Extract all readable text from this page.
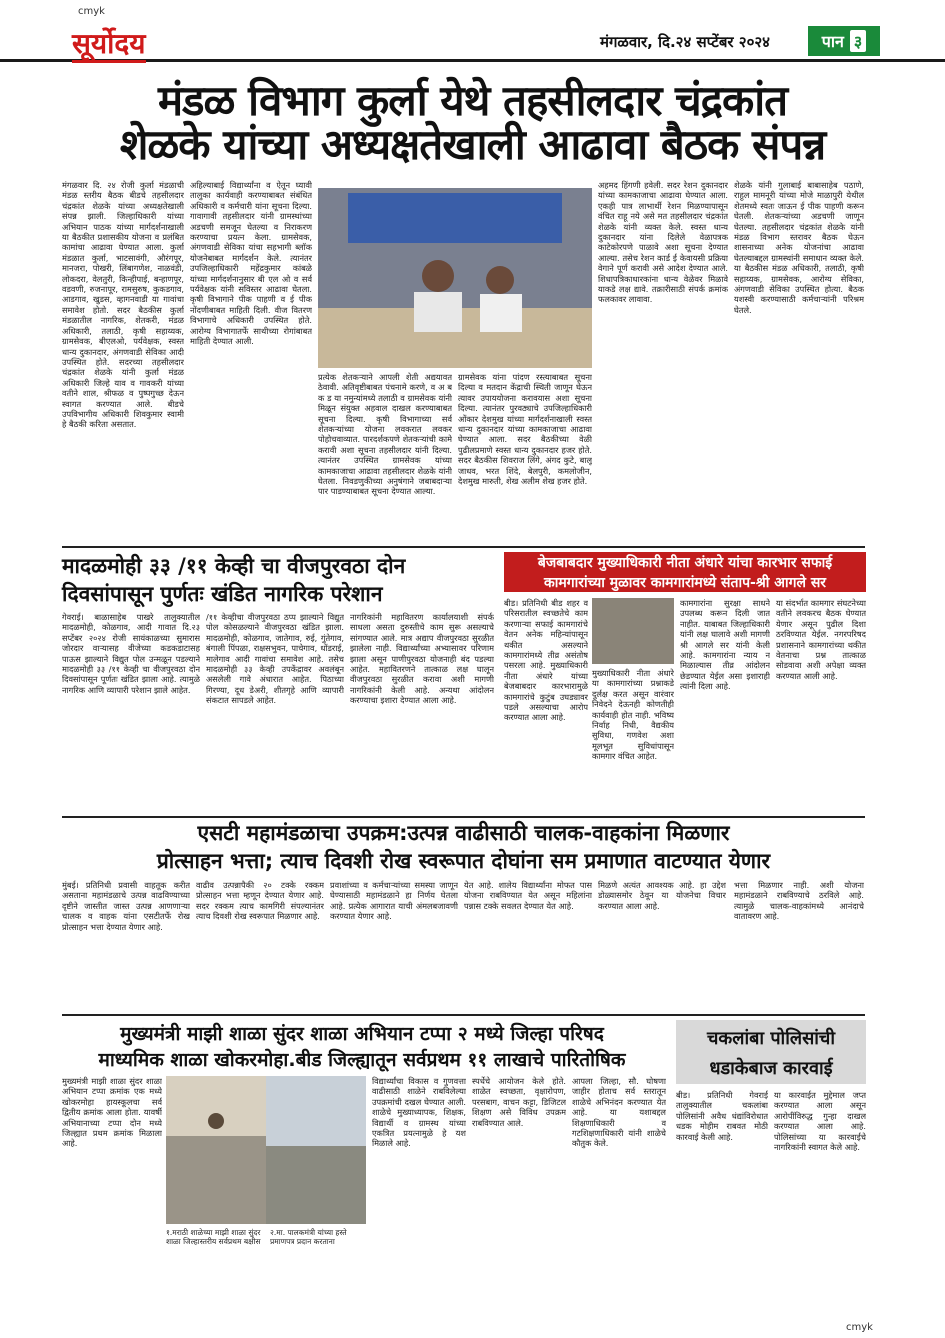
cmyk
सूर्योदय	मंगळवार, दि.२४ सप्टेंबर २०२४	पान ३
मंडळ विभाग कुर्ला येथे तहसीलदार चंद्रकांत
शेळके यांच्या अध्यक्षतेखाली आढावा बैठक संपन्न
मंगळवार दि. २४ रोजी कुर्ला मंडळाची मंडळ स्तरीय बैठक बीडचे तहसीलदार चंद्रकांत शेळके यांच्या अध्यक्षतेखाली संपन्न झाली. जिल्हाधिकारी यांच्या अभियान पाठक यांच्या मार्गदर्शनाखाली या बैठकीत प्रशासकीय योजना व प्रलंबित कामांचा आढावा घेण्यात आला. कुर्ला मंडळात कुर्ला, भाटसावंगी, औरंगपूर, मानजरा, पोखरी, लिंबागणेश, नाळवंडी, लोकदरा, वेलतुरी, किन्हीपाई, बन्हाणपूर, वडवणी, रुजनापूर, रामसुरुष, कुकडगाव, आडगाव, खुडस, व्हागनवाडी या गावांचा समावेश होतो. सदर बैठकीस कुर्ला मंडळातील नागरिक, शेतकरी, मंडळ अधिकारी, तलाठी, कृषी सहाय्यक, ग्रामसेवक, बीएलओ, पर्यवेक्षक, स्वस्त धान्य दुकानदार, अंगणवाडी सेविका आदी उपस्थित होते. सदरच्या तहसीलदार चंद्रकांत शेळके यांनी कुर्ला मंडळ अधिकारी जिल्हे याव व गावकरी यांच्या वतीने शाल, श्रीफळ व पुष्पगुच्छ देऊन स्वागत करण्यात आले. बीडचे उपविभागीय अधिकारी शिवकुमार स्वामी हे बैठकी करिता असतात.
अहिल्याबाई विद्यार्थ्यांना व ऐतून घ्यावी तालुका कार्यवाही करण्याबाबत संबंधित अधिकारी व कर्मचारी यांना सूचना दिल्या. गावागावी तहसीलदार यांनी ग्रामस्थांच्या अडचणी समजून घेतल्या व निराकरण करण्याचा प्रयत्न केला. ग्रामसेवक, अंगणवाडी सेविका यांचा सहभागी ब्लॉक योजनेबाबत मार्गदर्शन केले. त्यानंतर उपजिल्हाधिकारी महेंद्रकुमार कांबळे यांच्या मार्गदर्शनानुसार बी एल ओ व सर्व पर्यवेक्षक यांनी सविस्तर आढावा घेतला. कृषी विभागाने पीक पाहणी व ई पीक नोंदणीबाबत माहिती दिली. वीज वितरण विभागाचे अधिकारी उपस्थित होते. आरोग्य विभागातर्फे साथीच्या रोगांबाबत माहिती देण्यात आली.
प्रत्येक शेतकऱ्याने आपली शेती अद्ययावत ठेवावी. अतिवृष्टीबाबत पंचनामे करणे, व अ ब क ड या नमुन्यांमध्ये तलाठी व ग्रामसेवक यांनी मिळून संयुक्त अहवाल दाखल करण्याबाबत सूचना दिल्या. कृषी विभागाच्या सर्व शेतकऱ्यांच्या योजना लवकरात लवकर पोहोचवाव्यात. पारदर्शकपणे शेतकऱ्यांची कामे करावी अशा सूचना तहसीलदार यांनी दिल्या. त्यानंतर उपस्थित ग्रामसेवक यांच्या कामकाजाचा आढावा तहसीलदार शेळके यांनी घेतला. निवडणुकीच्या अनुषंगाने जबाबदाऱ्या पार पाडण्याबाबत सूचना देण्यात आल्या.
ग्रामसेवक यांना पांदण रस्त्याबाबत सूचना दिल्या व मतदान केंद्राची स्थिती जाणून घेऊन त्यावर उपाययोजना करावयास अशा सूचना दिल्या. त्यानंतर पुरवठ्याचे उपजिल्हाधिकारी ओंकार देशमुख यांच्या मार्गदर्शनाखाली स्वस्त धान्य दुकानदार यांच्या कामकाजाचा आढावा घेण्यात आला. सदर बैठकीच्या वेळी पुढीलप्रमाणे स्वस्त धान्य दुकानदार हजर होते. सदर बैठकीस शिवराज लिंगे, अंगद कुटे, बालू जाधव, भरत शिंदे, बेलपुरी, कमलोजीन, देशमुख मारुती, शेख अलीम शेख हजर होते.
अहमद हिंगणी हवेली. सदर रेशन दुकानदार यांच्या कामकाजाचा आढावा घेण्यात आला. एकही पात्र लाभार्थी रेशन मिळण्यापासून वंचित राहू नये असे मत तहसीलदार चंद्रकांत शेळके यांनी व्यक्त केले. स्वस्त धान्य दुकानदार यांना दिलेले वेळापत्रक काटेकोरपणे पाळावे अशा सूचना देण्यात आल्या. तसेच रेशन कार्ड ई केवायसी प्रक्रिया वेगाने पूर्ण करावी असे आदेश देण्यात आले. शिधापत्रिकाधारकांना धान्य वेळेवर मिळावे याकडे लक्ष द्यावे. तक्रारीसाठी संपर्क क्रमांक फलकावर लावावा.
शेळके यांनी गुलाबाई बाबासाहेब पठाणे, राहुल मामनूरी यांच्या मोजे माळापुरी येथील शेतमध्ये स्वतः जाऊन ई पीक पाहणी करून घेतली. शेतकऱ्यांच्या अडचणी जाणून घेतल्या. तहसीलदार चंद्रकांत शेळके यांनी मंडळ विभाग स्तरावर बैठक घेऊन शासनाच्या अनेक योजनांचा आढावा घेतल्याबद्दल ग्रामस्थांनी समाधान व्यक्त केले. या बैठकीस मंडळ अधिकारी, तलाठी, कृषी सहाय्यक, ग्रामसेवक, आरोग्य सेविका, अंगणवाडी सेविका उपस्थित होत्या. बैठक यशस्वी करण्यासाठी कर्मचाऱ्यांनी परिश्रम घेतले.
मादळमोही ३३ /११ केव्ही चा वीजपुरवठा दोन
दिवसांपासून पुर्णतः खंडित नागरिक परेशान
गेवराई। बाळासाहेब पाखरे तालुक्यातील मादळमोही, कोळगाव, आदी गावात दि.२३ सप्टेंबर २०२४ रोजी सायंकाळच्या सुमारास जोरदार वाऱ्यासह वीजेच्या कडकडाटासह पाऊस झाल्याने विद्युत पोल उन्मळून पडल्याने मादळमोही ३३ /११ केव्ही चा वीजपुरवठा दोन दिवसांपासून पूर्णतः खंडित झाला आहे. त्यामुळे नागरिक आणि व्यापारी परेशान झाले आहेत.
/११ केव्हीचा वीजपुरवठा ठप्प झाल्याने विद्युत पोल कोसळल्याने वीजपुरवठा खंडित झाला. मादळमोही, कोळगाव, जातेगाव, रुई, गुंतेगाव, बंगाली पिंपळा, राक्षसभुवन, पाचेगाव, धोंडराई, मालेगाव आदी गावांचा समावेश आहे. तसेच मादळमोही ३३ केव्ही उपकेंद्रावर अवलंबून असलेली गावे अंधारात आहेत. पिठाच्या गिरण्या, दूध डेअरी, शीतगृहे आणि व्यापारी संकटात सापडले आहेत.
नागरिकांनी महावितरण कार्यालयाशी संपर्क साधला असता दुरुस्तीचे काम सुरू असल्याचे सांगण्यात आले. मात्र अद्याप वीजपुरवठा सुरळीत झालेला नाही. विद्यार्थ्यांच्या अभ्यासावर परिणाम झाला असून पाणीपुरवठा योजनाही बंद पडल्या आहेत. महावितरणने तात्काळ लक्ष घालून वीजपुरवठा सुरळीत करावा अशी मागणी नागरिकांनी केली आहे. अन्यथा आंदोलन करण्याचा इशारा देण्यात आला आहे.
बेजबाबदार मुख्याधिकारी नीता अंधारे यांचा कारभार सफाई
कामगारांच्या मुळावर कामगारांमध्ये संताप-श्री आगले सर
बीड। प्रतिनिधी बीड शहर व परिसरातील स्वच्छतेचे काम करणाऱ्या सफाई कामगारांचे वेतन अनेक महिन्यांपासून थकीत असल्याने कामगारांमध्ये तीव्र असंतोष पसरला आहे. मुख्याधिकारी नीता अंधारे यांच्या बेजबाबदार कारभारामुळे कामगारांचे कुटुंब उघड्यावर पडले असल्याचा आरोप करण्यात आला आहे.
मुख्याधिकारी नीता अंधारे या कामगारांच्या प्रश्नाकडे दुर्लक्ष करत असून वारंवार निवेदने देऊनही कोणतीही कार्यवाही होत नाही. भविष्य निर्वाह निधी, वैद्यकीय सुविधा, गणवेश अशा मूलभूत सुविधांपासून कामगार वंचित आहेत.
कामगारांना सुरक्षा साधने उपलब्ध करून दिली जात नाहीत. याबाबत जिल्हाधिकारी यांनी लक्ष घालावे अशी मागणी श्री आगले सर यांनी केली आहे. कामगारांना न्याय न मिळाल्यास तीव्र आंदोलन छेडण्यात येईल असा इशाराही त्यांनी दिला आहे.
या संदर्भात कामगार संघटनेच्या वतीने लवकरच बैठक घेण्यात येणार असून पुढील दिशा ठरविण्यात येईल. नगरपरिषद प्रशासनाने कामगारांच्या थकीत वेतनाचा प्रश्न तात्काळ सोडवावा अशी अपेक्षा व्यक्त करण्यात आली आहे.
एसटी महामंडळाचा उपक्रम:उत्पन्न वाढीसाठी चालक-वाहकांना मिळणार
प्रोत्साहन भत्ता; त्याच दिवशी रोख स्वरूपात दोघांना सम प्रमाणात वाटण्यात येणार
मुंबई। प्रतिनिधी प्रवासी वाहतूक करीत असताना महामंडळाचे उत्पन्न वाढविण्याच्या दृष्टीने जास्तीत जास्त उत्पन्न आणणाऱ्या चालक व वाहक यांना एसटीतर्फे रोख प्रोत्साहन भत्ता देण्यात येणार आहे.
वाढीव उत्पन्नापैकी २० टक्के रक्कम प्रोत्साहन भत्ता म्हणून देण्यात येणार आहे. सदर रक्कम त्याच कामगिरी संपल्यानंतर त्याच दिवशी रोख स्वरूपात मिळणार आहे.
प्रवाशांच्या व कर्मचाऱ्यांच्या समस्या जाणून घेण्यासाठी महामंडळाने हा निर्णय घेतला आहे. प्रत्येक आगारात याची अंमलबजावणी करण्यात येणार आहे.
येत आहे. शालेय विद्यार्थ्यांना मोफत पास योजना राबविण्यात येत असून महिलांना पन्नास टक्के सवलत देण्यात येत आहे.
मिळणे अत्यंत आवश्यक आहे. हा उद्देश डोळ्यासमोर ठेवून या योजनेचा विचार करण्यात आला आहे.
भत्ता मिळणार नाही. अशी योजना महामंडळाने राबविण्याचे ठरविले आहे. त्यामुळे चालक-वाहकांमध्ये आनंदाचे वातावरण आहे.
मुख्यमंत्री माझी शाळा सुंदर शाळा अभियान टप्पा २ मध्ये जिल्हा परिषद
माध्यमिक शाळा खोकरमोहा.बीड जिल्ह्यातून सर्वप्रथम ११ लाखाचे पारितोषिक
मुख्यमंत्री माझी शाळा सुंदर शाळा अभियान टप्पा क्रमांक एक मध्ये खोकरमोहा हायस्कूलचा सर्व द्वितीय क्रमांक आला होता. यावर्षी अभियानाच्या टप्पा दोन मध्ये जिल्ह्यात प्रथम क्रमांक मिळाला आहे.
१.मराठी शाळेच्या माझी शाळा सुंदर शाळा जिल्हास्तरीय सर्वप्रथम बक्षीस
२.मा. पालकमंत्री यांच्या हस्ते प्रमाणपत्र प्रदान करताना
विद्यार्थ्यांचा विकास व गुणवत्ता वाढीसाठी शाळेने राबविलेल्या उपक्रमांची दखल घेण्यात आली. शाळेचे मुख्याध्यापक, शिक्षक, विद्यार्थी व ग्रामस्थ यांच्या एकत्रित प्रयत्नामुळे हे यश मिळाले आहे.
स्पर्धेचे आयोजन केले होते. शाळेत स्वच्छता, वृक्षारोपण, परसबाग, वाचन कट्टा, डिजिटल शिक्षण असे विविध उपक्रम राबविण्यात आले.
आपला जिल्हा, सौ. घोषणा जाहीर होताच सर्व स्तरातून शाळेचे अभिनंदन करण्यात येत आहे. या यशाबद्दल शिक्षणाधिकारी व गटशिक्षणाधिकारी यांनी शाळेचे कौतुक केले.
चकलांबा पोलिसांची
धडाकेबाज कारवाई
बीड। प्रतिनिधी गेवराई तालुक्यातील चकलांबा पोलिसांनी अवैध धंद्यांविरोधात धडक मोहीम राबवत मोठी कारवाई केली आहे.
या कारवाईत मुद्देमाल जप्त करण्यात आला असून आरोपींविरुद्ध गुन्हा दाखल करण्यात आला आहे. पोलिसांच्या या कारवाईचे नागरिकांनी स्वागत केले आहे.
cmyk
